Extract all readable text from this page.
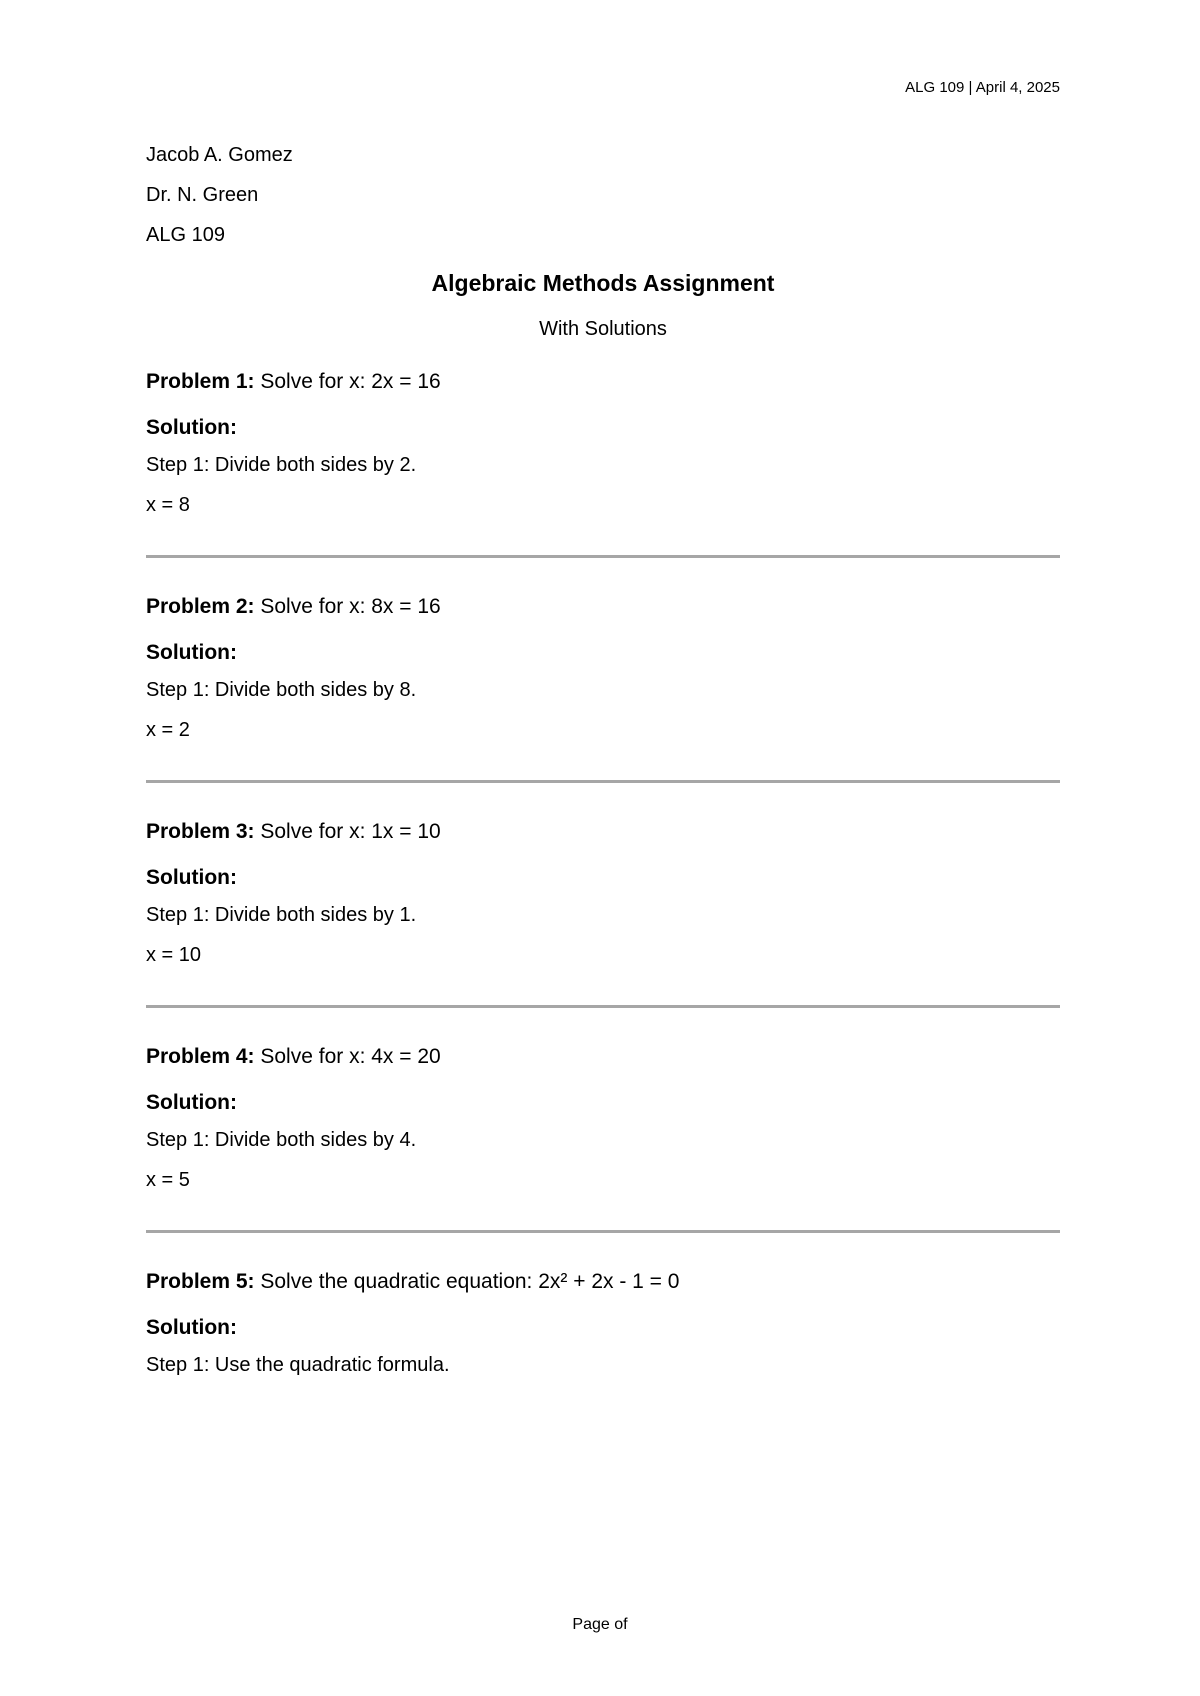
ALG 109 | April 4, 2025
Jacob A. Gomez
Dr. N. Green
ALG 109
Algebraic Methods Assignment
With Solutions
Problem 1: Solve for x: 2x = 16
Solution:
Step 1: Divide both sides by 2.
x = 8
Problem 2: Solve for x: 8x = 16
Solution:
Step 1: Divide both sides by 8.
x = 2
Problem 3: Solve for x: 1x = 10
Solution:
Step 1: Divide both sides by 1.
x = 10
Problem 4: Solve for x: 4x = 20
Solution:
Step 1: Divide both sides by 4.
x = 5
Problem 5: Solve the quadratic equation: 2x² + 2x - 1 = 0
Solution:
Step 1: Use the quadratic formula.
Page of
